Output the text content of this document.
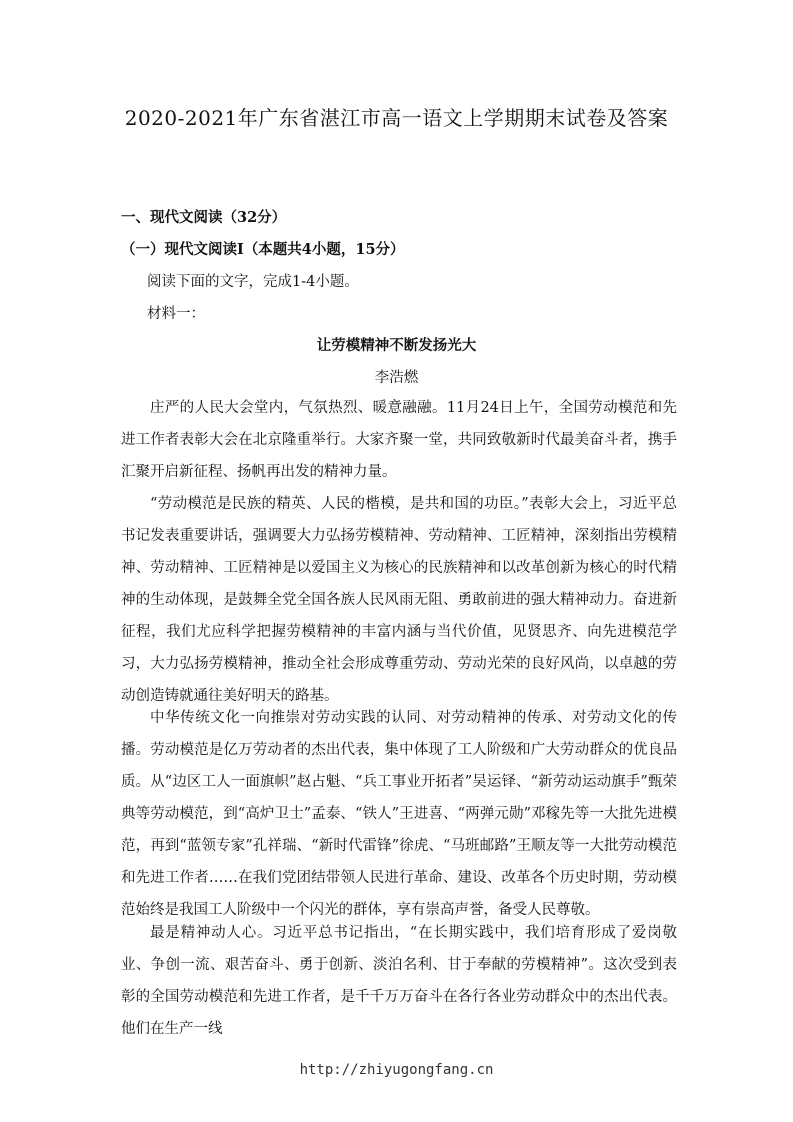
2020-2021年广东省湛江市高一语文上学期期末试卷及答案
一、现代文阅读（32分）
（一）现代文阅读Ⅰ（本题共4小题，15分）
阅读下面的文字，完成1-4小题。
材料一：
让劳模精神不断发扬光大
李浩燃

庄严的人民大会堂内，气氛热烈、暖意融融。11月24日上午，全国劳动模范和先进工作者表彰大会在北京隆重举行。大家齐聚一堂，共同致敬新时代最美奋斗者，携手汇聚开启新征程、扬帆再出发的精神力量。

“劳动模范是民族的精英、人民的楷模，是共和国的功臣。”表彰大会上，习近平总书记发表重要讲话，强调要大力弘扬劳模精神、劳动精神、工匠精神，深刻指出劳模精神、劳动精神、工匠精神是以爱国主义为核心的民族精神和以改革创新为核心的时代精神的生动体现，是鼓舞全党全国各族人民风雨无阻、勇敢前进的强大精神动力。奋进新征程，我们尤应科学把握劳模精神的丰富内涵与当代价值，见贤思齐、向先进模范学习，大力弘扬劳模精神，推动全社会形成尊重劳动、劳动光荣的良好风尚，以卓越的劳动创造铸就通往美好明天的路基。

中华传统文化一向推崇对劳动实践的认同、对劳动精神的传承、对劳动文化的传播。劳动模范是亿万劳动者的杰出代表，集中体现了工人阶级和广大劳动群众的优良品质。从“边区工人一面旗帜”赵占魁、“兵工事业开拓者”吴运铎、“新劳动运动旗手”甄荣典等劳动模范，到“高炉卫士”孟泰、“铁人”王进喜、“两弹元勋”邓稼先等一大批先进模范，再到“蓝领专家”孔祥瑞、“新时代雷锋”徐虎、“马班邮路”王顺友等一大批劳动模范和先进工作者……在我们党团结带领人民进行革命、建设、改革各个历史时期，劳动模范始终是我国工人阶级中一个闪光的群体，享有崇高声誉，备受人民尊敬。

最是精神动人心。习近平总书记指出，“在长期实践中，我们培育形成了爱岗敬业、争创一流、艰苦奋斗、勇于创新、淡泊名利、甘于奉献的劳模精神”。这次受到表彰的全国劳动模范和先进工作者，是千千万万奋斗在各行各业劳动群众中的杰出代表。他们在生产一线

http://zhiyugongfang.cn
